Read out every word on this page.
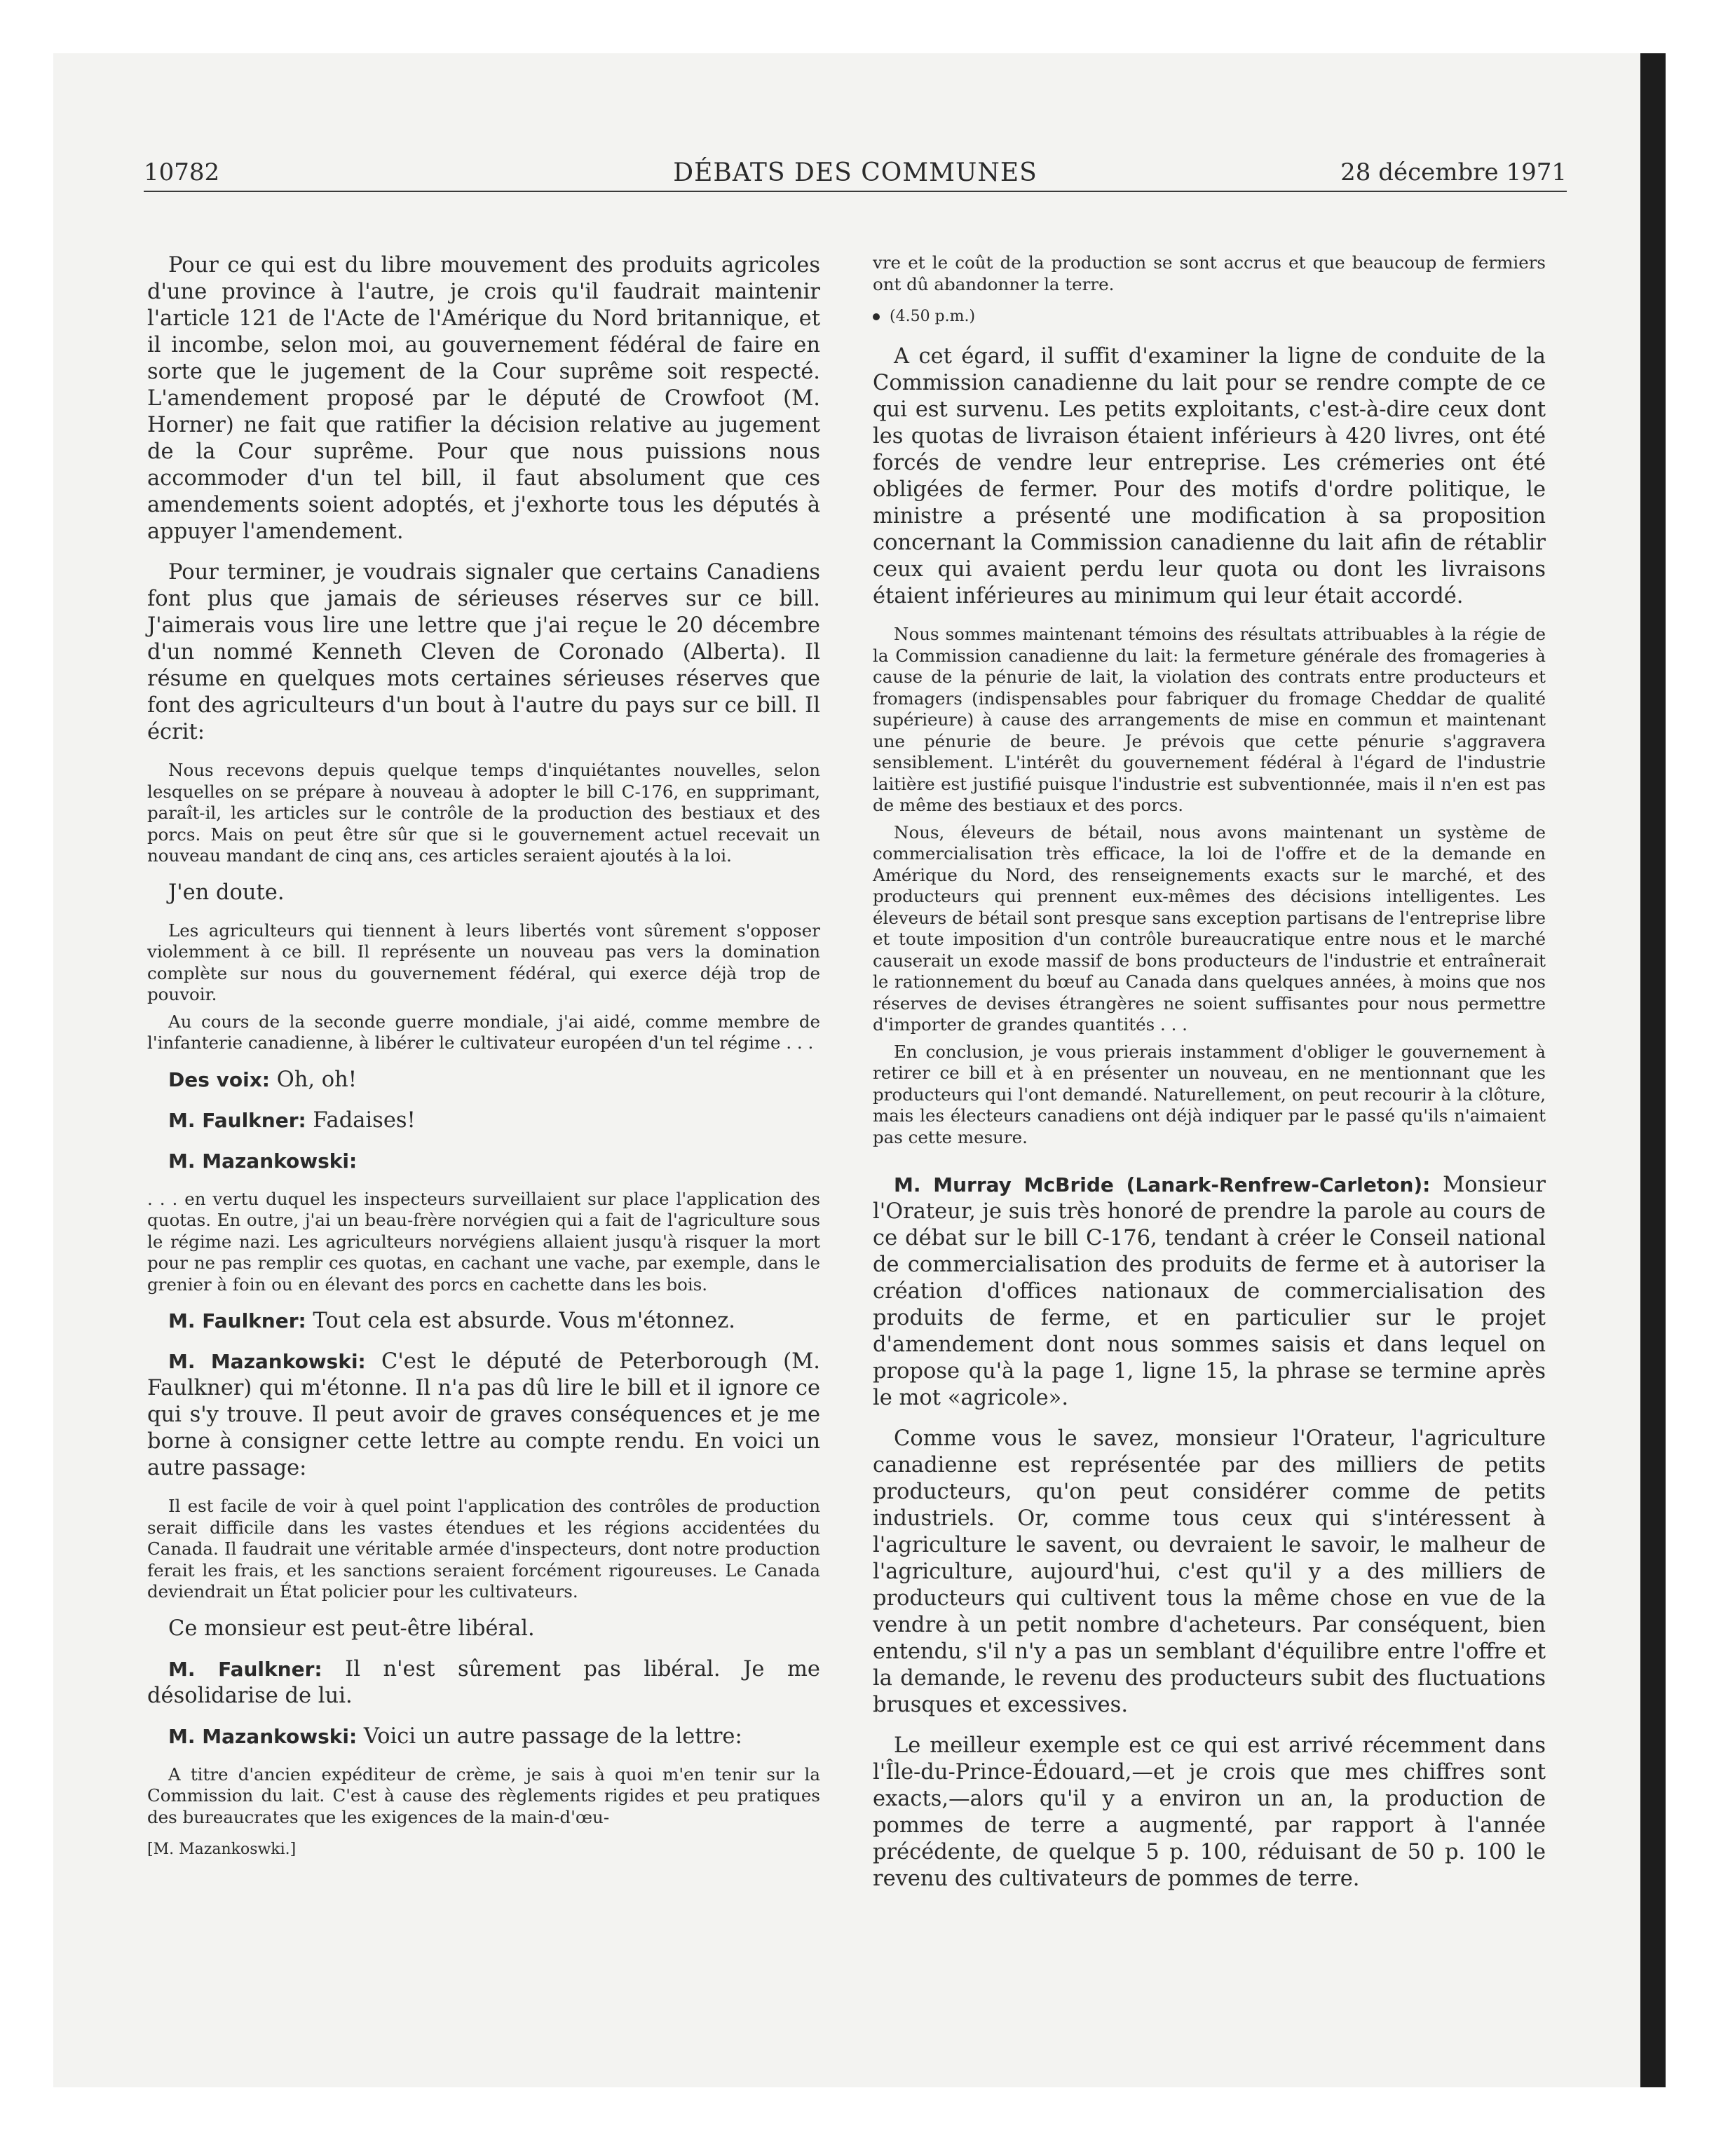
10782	DÉBATS DES COMMUNES	28 décembre 1971

Pour ce qui est du libre mouvement des produits agricoles d'une province à l'autre, je crois qu'il faudrait maintenir l'article 121 de l'Acte de l'Amérique du Nord britannique, et il incombe, selon moi, au gouvernement fédéral de faire en sorte que le jugement de la Cour suprême soit respecté. L'amendement proposé par le député de Crowfoot (M. Horner) ne fait que ratifier la décision relative au jugement de la Cour suprême. Pour que nous puissions nous accommoder d'un tel bill, il faut absolument que ces amendements soient adoptés, et j'exhorte tous les députés à appuyer l'amendement.

Pour terminer, je voudrais signaler que certains Canadiens font plus que jamais de sérieuses réserves sur ce bill. J'aimerais vous lire une lettre que j'ai reçue le 20 décembre d'un nommé Kenneth Cleven de Coronado (Alberta). Il résume en quelques mots certaines sérieuses réserves que font des agriculteurs d'un bout à l'autre du pays sur ce bill. Il écrit:

Nous recevons depuis quelque temps d'inquiétantes nouvelles, selon lesquelles on se prépare à nouveau à adopter le bill C-176, en supprimant, paraît-il, les articles sur le contrôle de la production des bestiaux et des porcs. Mais on peut être sûr que si le gouvernement actuel recevait un nouveau mandant de cinq ans, ces articles seraient ajoutés à la loi.

J'en doute.

Les agriculteurs qui tiennent à leurs libertés vont sûrement s'opposer violemment à ce bill. Il représente un nouveau pas vers la domination complète sur nous du gouvernement fédéral, qui exerce déjà trop de pouvoir.

Au cours de la seconde guerre mondiale, j'ai aidé, comme membre de l'infanterie canadienne, à libérer le cultivateur européen d'un tel régime . . .

Des voix: Oh, oh!

M. Faulkner: Fadaises!

M. Mazankowski:

. . . en vertu duquel les inspecteurs surveillaient sur place l'application des quotas. En outre, j'ai un beau-frère norvégien qui a fait de l'agriculture sous le régime nazi. Les agriculteurs norvégiens allaient jusqu'à risquer la mort pour ne pas remplir ces quotas, en cachant une vache, par exemple, dans le grenier à foin ou en élevant des porcs en cachette dans les bois.

M. Faulkner: Tout cela est absurde. Vous m'étonnez.

M. Mazankowski: C'est le député de Peterborough (M. Faulkner) qui m'étonne. Il n'a pas dû lire le bill et il ignore ce qui s'y trouve. Il peut avoir de graves conséquences et je me borne à consigner cette lettre au compte rendu. En voici un autre passage:

Il est facile de voir à quel point l'application des contrôles de production serait difficile dans les vastes étendues et les régions accidentées du Canada. Il faudrait une véritable armée d'inspecteurs, dont notre production ferait les frais, et les sanctions seraient forcément rigoureuses. Le Canada deviendrait un État policier pour les cultivateurs.

Ce monsieur est peut-être libéral.

M. Faulkner: Il n'est sûrement pas libéral. Je me désolidarise de lui.

M. Mazankowski: Voici un autre passage de la lettre:

A titre d'ancien expéditeur de crème, je sais à quoi m'en tenir sur la Commission du lait. C'est à cause des règlements rigides et peu pratiques des bureaucrates que les exigences de la main-d'œu-

[M. Mazankoswki.]

vre et le coût de la production se sont accrus et que beaucoup de fermiers ont dû abandonner la terre.

(4.50 p.m.)

A cet égard, il suffit d'examiner la ligne de conduite de la Commission canadienne du lait pour se rendre compte de ce qui est survenu. Les petits exploitants, c'est-à-dire ceux dont les quotas de livraison étaient inférieurs à 420 livres, ont été forcés de vendre leur entreprise. Les crémeries ont été obligées de fermer. Pour des motifs d'ordre politique, le ministre a présenté une modification à sa proposition concernant la Commission canadienne du lait afin de rétablir ceux qui avaient perdu leur quota ou dont les livraisons étaient inférieures au minimum qui leur était accordé.

Nous sommes maintenant témoins des résultats attribuables à la régie de la Commission canadienne du lait: la fermeture générale des fromageries à cause de la pénurie de lait, la violation des contrats entre producteurs et fromagers (indispensables pour fabriquer du fromage Cheddar de qualité supérieure) à cause des arrangements de mise en commun et maintenant une pénurie de beure. Je prévois que cette pénurie s'aggravera sensiblement. L'intérêt du gouvernement fédéral à l'égard de l'industrie laitière est justifié puisque l'industrie est subventionnée, mais il n'en est pas de même des bestiaux et des porcs.

Nous, éleveurs de bétail, nous avons maintenant un système de commercialisation très efficace, la loi de l'offre et de la demande en Amérique du Nord, des renseignements exacts sur le marché, et des producteurs qui prennent eux-mêmes des décisions intelligentes. Les éleveurs de bétail sont presque sans exception partisans de l'entreprise libre et toute imposition d'un contrôle bureaucratique entre nous et le marché causerait un exode massif de bons producteurs de l'industrie et entraînerait le rationnement du bœuf au Canada dans quelques années, à moins que nos réserves de devises étrangères ne soient suffisantes pour nous permettre d'importer de grandes quantités . . .

En conclusion, je vous prierais instamment d'obliger le gouvernement à retirer ce bill et à en présenter un nouveau, en ne mentionnant que les producteurs qui l'ont demandé. Naturellement, on peut recourir à la clôture, mais les électeurs canadiens ont déjà indiquer par le passé qu'ils n'aimaient pas cette mesure.

M. Murray McBride (Lanark-Renfrew-Carleton): Monsieur l'Orateur, je suis très honoré de prendre la parole au cours de ce débat sur le bill C-176, tendant à créer le Conseil national de commercialisation des produits de ferme et à autoriser la création d'offices nationaux de commercialisation des produits de ferme, et en particulier sur le projet d'amendement dont nous sommes saisis et dans lequel on propose qu'à la page 1, ligne 15, la phrase se termine après le mot «agricole».

Comme vous le savez, monsieur l'Orateur, l'agriculture canadienne est représentée par des milliers de petits producteurs, qu'on peut considérer comme de petits industriels. Or, comme tous ceux qui s'intéressent à l'agriculture le savent, ou devraient le savoir, le malheur de l'agriculture, aujourd'hui, c'est qu'il y a des milliers de producteurs qui cultivent tous la même chose en vue de la vendre à un petit nombre d'acheteurs. Par conséquent, bien entendu, s'il n'y a pas un semblant d'équilibre entre l'offre et la demande, le revenu des producteurs subit des fluctuations brusques et excessives.

Le meilleur exemple est ce qui est arrivé récemment dans l'Île-du-Prince-Édouard,—et je crois que mes chiffres sont exacts,—alors qu'il y a environ un an, la production de pommes de terre a augmenté, par rapport à l'année précédente, de quelque 5 p. 100, réduisant de 50 p. 100 le revenu des cultivateurs de pommes de terre.
